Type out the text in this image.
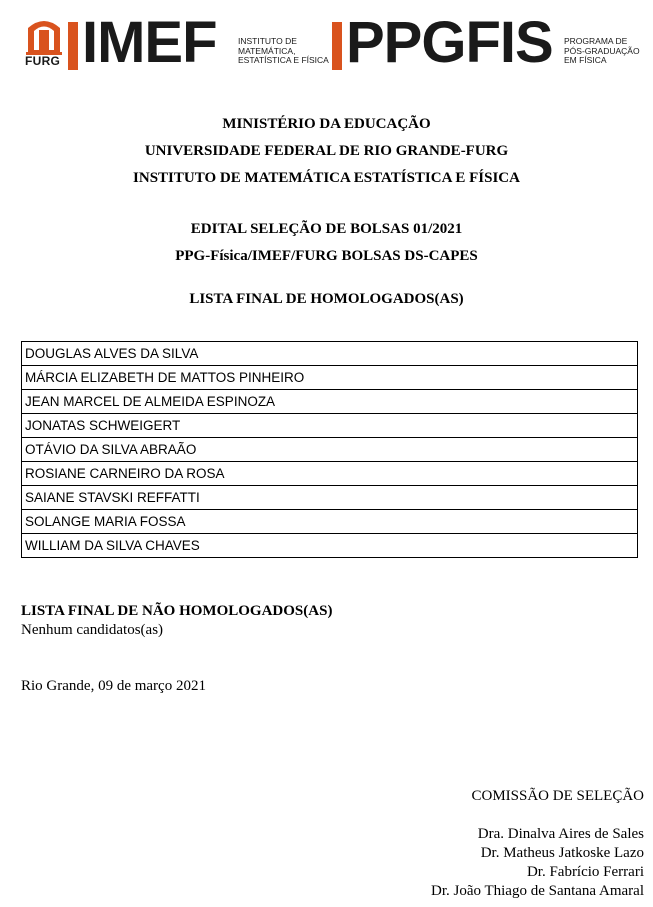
FURG IMEF	INSTITUTO DE
MATEMÁTICA,
ESTATÍSTICA E FÍSICA PPGFIS PROGRAMA DE
PÓS-GRADUAÇÃO
EM FÍSICA
MINISTÉRIO DA EDUCAÇÃO
UNIVERSIDADE FEDERAL DE RIO GRANDE-FURG
INSTITUTO DE MATEMÁTICA ESTATÍSTICA E FÍSICA
EDITAL SELEÇÃO DE BOLSAS 01/2021
PPG-Física/IMEF/FURG BOLSAS DS-CAPES
LISTA FINAL DE HOMOLOGADOS(AS)
DOUGLAS ALVES DA SILVA
MÁRCIA ELIZABETH DE MATTOS PINHEIRO
JEAN MARCEL DE ALMEIDA ESPINOZA
JONATAS SCHWEIGERT
OTÁVIO DA SILVA ABRAÃO
ROSIANE CARNEIRO DA ROSA
SAIANE STAVSKI REFFATTI
SOLANGE MARIA FOSSA
WILLIAM DA SILVA CHAVES
LISTA FINAL DE NÃO HOMOLOGADOS(AS)
Nenhum candidatos(as)
Rio Grande, 09 de março 2021
COMISSÃO DE SELEÇÃO
Dra. Dinalva Aires de Sales
Dr. Matheus Jatkoske Lazo
Dr. Fabrício Ferrari
Dr. João Thiago de Santana Amaral
